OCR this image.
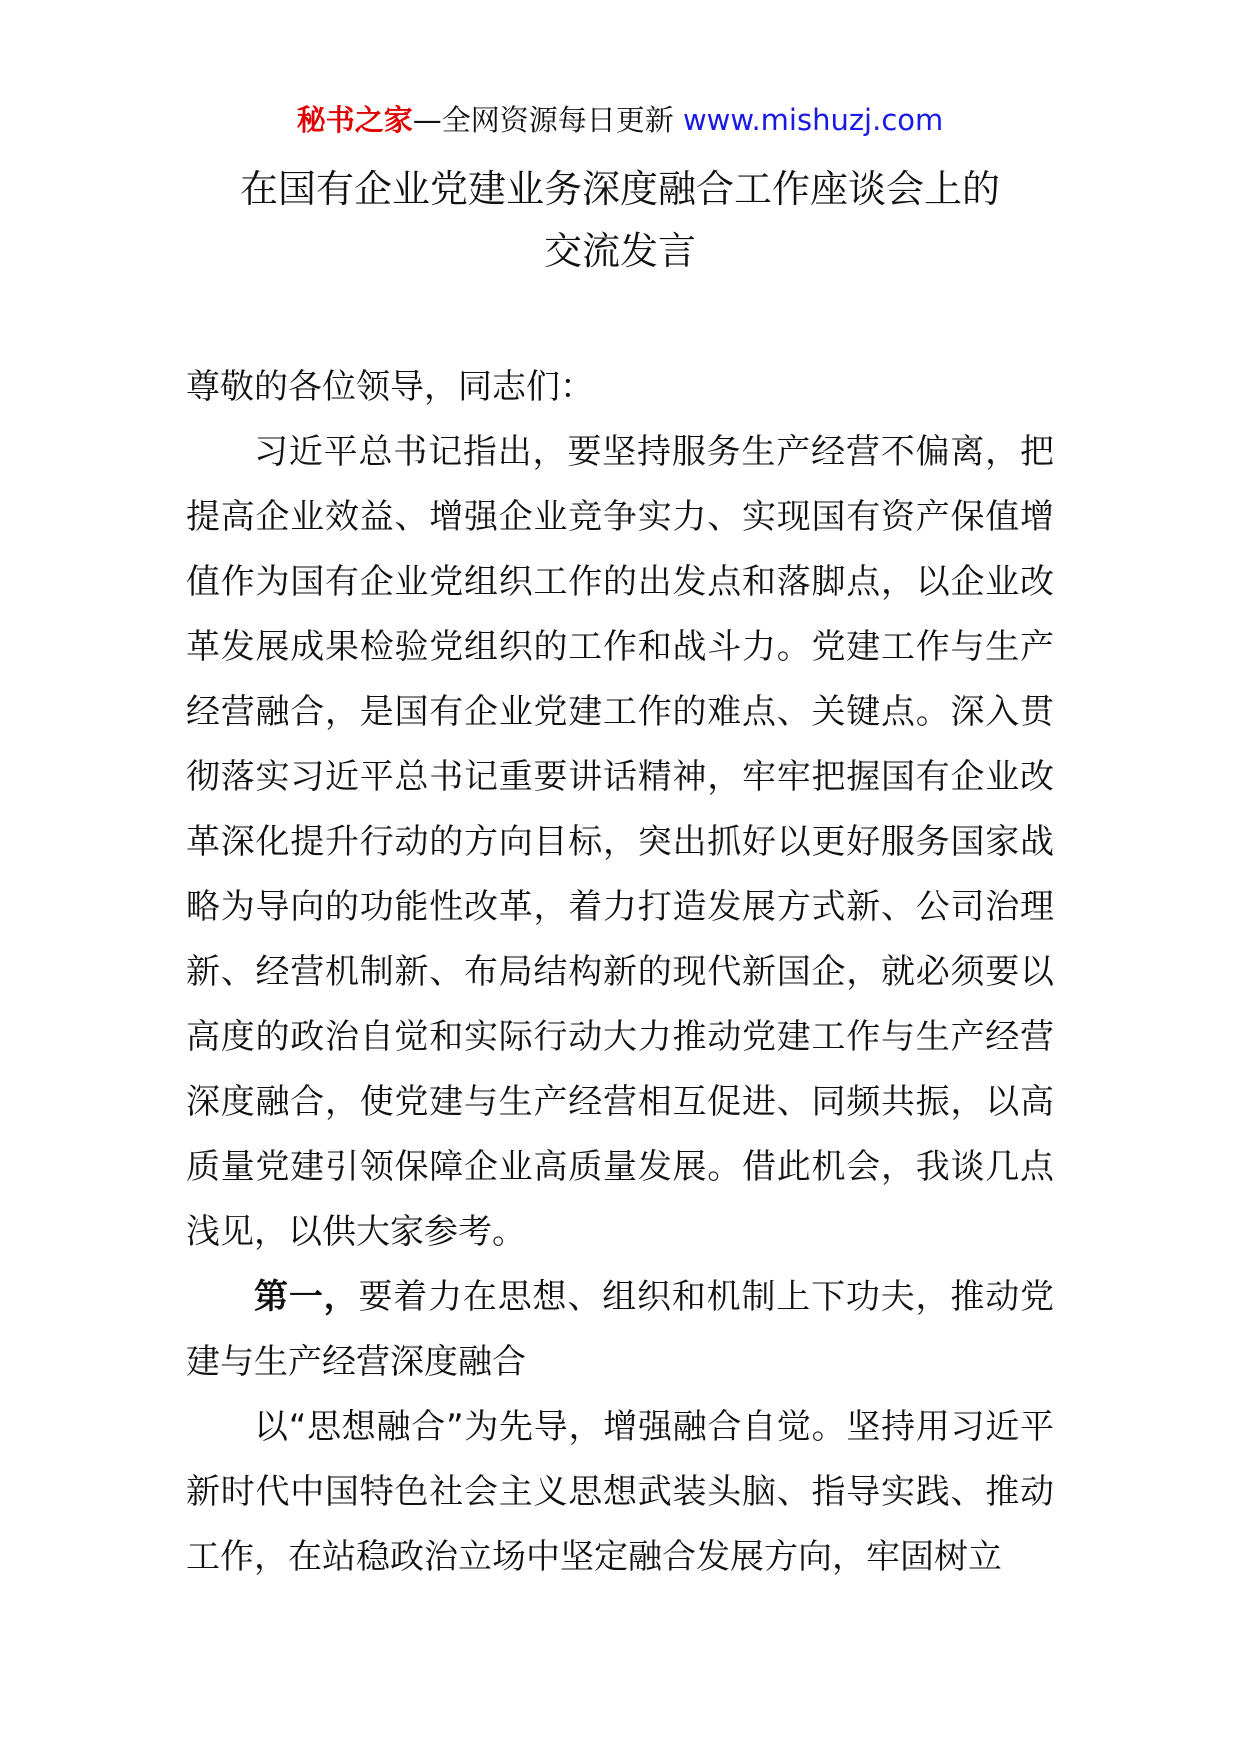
秘书之家—全网资源每日更新 www.mishuzj.com
在国有企业党建业务深度融合工作座谈会上的
交流发言

尊敬的各位领导，同志们：

习近平总书记指出，要坚持服务生产经营不偏离，把提高企业效益、增强企业竞争实力、实现国有资产保值增值作为国有企业党组织工作的出发点和落脚点，以企业改革发展成果检验党组织的工作和战斗力。党建工作与生产经营融合，是国有企业党建工作的难点、关键点。深入贯彻落实习近平总书记重要讲话精神，牢牢把握国有企业改革深化提升行动的方向目标，突出抓好以更好服务国家战略为导向的功能性改革，着力打造发展方式新、公司治理新、经营机制新、布局结构新的现代新国企，就必须要以高度的政治自觉和实际行动大力推动党建工作与生产经营深度融合，使党建与生产经营相互促进、同频共振，以高质量党建引领保障企业高质量发展。借此机会，我谈几点浅见，以供大家参考。

第一，要着力在思想、组织和机制上下功夫，推动党建与生产经营深度融合

以“思想融合”为先导，增强融合自觉。坚持用习近平新时代中国特色社会主义思想武装头脑、指导实践、推动工作，在站稳政治立场中坚定融合发展方向，牢固树立
